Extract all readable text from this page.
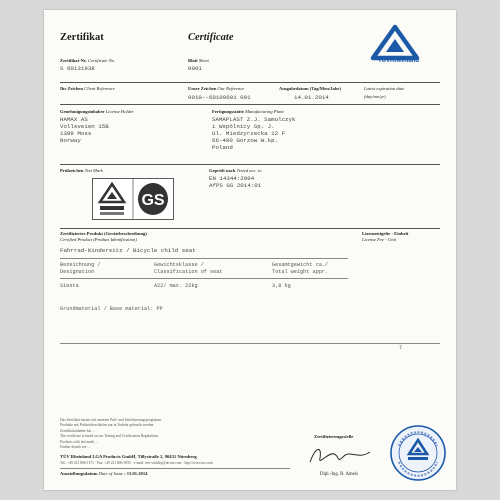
Zertifikat	Certificate
TÜVRheinland
Zertifikat-Nr. Certificate No.	Blatt Sheet
S 60131938	0001
Ihr Zeichen Client Reference	Unser Zeichen Our Reference	Ausgabedatum (Tag/Mon/Jahr)	Latest expiration date
0010--60109601 001	14.01.2014	(day/mo/yr)
Genehmigungsinhaber License Holder	Fertigungsstätte Manufacturing Plant
HAMAX AS
Vollsveien 15B
1399 Moss
Norway
SAMAPLAST Z.J. Samulczyk
i Wspólnicy Sp. J.
Ul. Miedzyrzecka 12 F
66-400 Gorzow W.kp.
Poland
Prüfzeichen Test Mark	Geprüft nach Tested acc. to
EN 14344:2004
AfPS GS 2014:01
GS
Zertifiziertes Produkt (Gerätebeschreibung)
Certified Product (Product Identification)
Lizenzentgelte - Einheit
License Fee - Unit
Fahrrad-Kindersitz / Bicycle child seat
Bezeichnung /
Designation
Gewichtsklasse /
Classification of seat
Gesamtgewicht ca./
Total weight appr.
Siesta	A22/ max. 22kg	3,8 kg
Grundmaterial / Base material: PP
7
Das Zertifikat basiert auf unserem Prüf- und Zertifizierungsprogramm.
Produkte mit Prüfzeichen dürfen nur in Verkehr gebracht werden.
Zertifikatsinhaber hat ...
The certificate is based on our Testing and Certification Regulations.
Products with test mark ...
Further details see ...
TÜV Rheinland LGA Products GmbH, Tillystraße 2, 90431 Nürnberg
Tel.: +49 221 806-1371 · Fax: +49 221 806-3935 · e-mail: cert-validity@de.tuv.com · http://www.tuv.com
Ausstellungsdatum Date of Issue : 13.01.2014
Zertifizierungsstelle
Dipl.-Ing. R. Ameis
